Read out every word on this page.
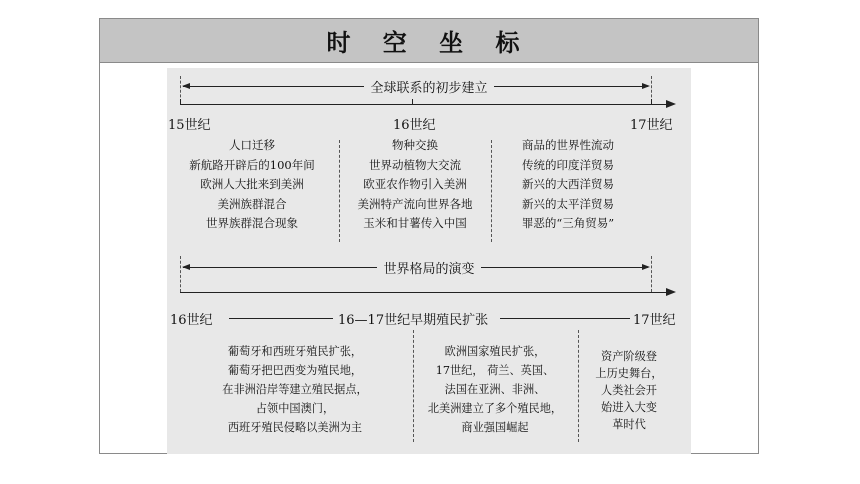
时 空 坐 标
全球联系的初步建立
15世纪	16世纪	17世纪
人口迁移
新航路开辟后的100年间
欧洲人大批来到美洲
美洲族群混合
世界族群混合现象
物种交换
世界动植物大交流
欧亚农作物引入美洲
美洲特产流向世界各地
玉米和甘薯传入中国
商品的世界性流动
传统的印度洋贸易
新兴的大西洋贸易
新兴的太平洋贸易
罪恶的“三角贸易”
世界格局的演变
16世纪	16—17世纪早期殖民扩张	17世纪
葡萄牙和西班牙殖民扩张，
葡萄牙把巴西变为殖民地，
在非洲沿岸等建立殖民据点，
占领中国澳门，
西班牙殖民侵略以美洲为主
欧洲国家殖民扩张，
17世纪， 荷兰、英国、
法国在亚洲、非洲、
北美洲建立了多个殖民地，
商业强国崛起
资产阶级登
上历史舞台，
人类社会开
始进入大变
革时代
